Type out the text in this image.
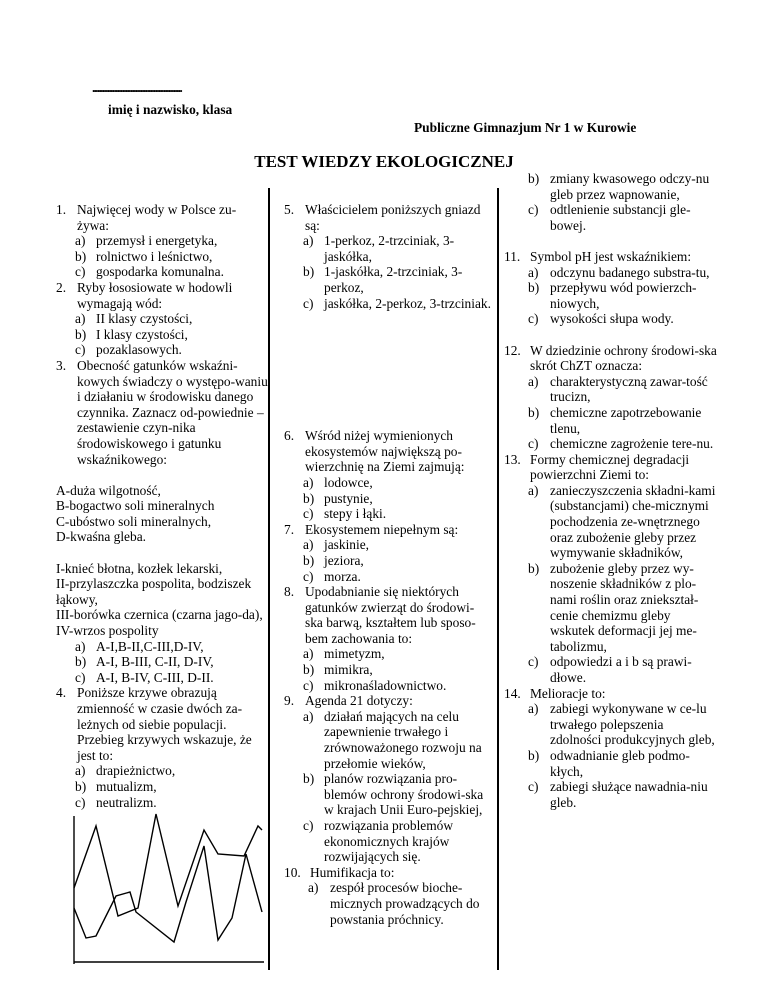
......................................................
imię i nazwisko, klasa
Publiczne Gimnazjum Nr 1 w Kurowie
TEST WIEDZY EKOLOGICZNEJ
1. Najwięcej wody w Polsce zu-żywa:
a) przemysł i energetyka,
b) rolnictwo i leśnictwo,
c) gospodarka komunalna.
2. Ryby łososiowate w hodowli wymagają wód:
a) II klasy czystości,
b) I klasy czystości,
c) pozaklasowych.
3. Obecność gatunków wskaźni-kowych świadczy o występo-waniu i działaniu w środowisku danego czynnika. Zaznacz od-powiednie –zestawienie czyn-nika środowiskowego i gatunku wskaźnikowego:
A-duża wilgotność,
B-bogactwo soli mineralnych
C-ubóstwo soli mineralnych,
D-kwaśna gleba.
I-knieć błotna, kozłek lekarski,
II-przylaszczka pospolita, bodziszek łąkowy,
III-borówka czernica (czarna jago-da),
IV-wrzos pospolity
a) A-I,B-II,C-III,D-IV,
b) A-I, B-III, C-II, D-IV,
c) A-I, B-IV, C-III, D-II.
4. Poniższe krzywe obrazują zmienność w czasie dwóch za-leżnych od siebie populacji. Przebieg krzywych wskazuje, że jest to:
a) drapieżnictwo,
b) mutualizm,
c) neutralizm.
5. Właścicielem poniższych gniazd są:
a) 1-perkoz, 2-trzciniak, 3-jaskółka,
b) 1-jaskółka, 2-trzciniak, 3-perkoz,
c) jaskółka, 2-perkoz, 3-trzciniak.
6. Wśród niżej wymienionych ekosystemów największą po-wierzchnię na Ziemi zajmują:
a) lodowce,
b) pustynie,
c) stepy i łąki.
7. Ekosystemem niepełnym są:
a) jaskinie,
b) jeziora,
c) morza.
8. Upodabnianie się niektórych gatunków zwierząt do środowi-ska barwą, kształtem lub sposo-bem zachowania to:
a) mimetyzm,
b) mimikra,
c) mikronaśladownictwo.
9. Agenda 21 dotyczy:
a) działań mających na celu zapewnienie trwałego i zrównoważonego rozwoju na przełomie wieków,
b) planów rozwiązania pro-blemów ochrony środowi-ska w krajach Unii Euro-pejskiej,
c) rozwiązania problemów ekonomicznych krajów rozwijających się.
10. Humifikacja to:
a) zespół procesów bioche-micznych prowadzących do powstania próchnicy.
b) zmiany kwasowego odczy-nu gleb przez wapnowanie,
c) odtlenienie substancji gle-bowej.
11. Symbol pH jest wskaźnikiem:
a) odczynu badanego substra-tu,
b) przepływu wód powierzch-niowych,
c) wysokości słupa wody.
12. W dziedzinie ochrony środowi-ska skrót ChZT oznacza:
a) charakterystyczną zawar-tość trucizn,
b) chemiczne zapotrzebowanie tlenu,
c) chemiczne zagrożenie tere-nu.
13. Formy chemicznej degradacji powierzchni Ziemi to:
a) zanieczyszczenia składni-kami (substancjami) che-micznymi pochodzenia ze-wnętrznego oraz zubożenie gleby przez wymywanie składników,
b) zubożenie gleby przez wy-noszenie składników z plo-nami roślin oraz zniekształ-cenie chemizmu gleby wskutek deformacji jej me-tabolizmu,
c) odpowiedzi a i b są prawi-dłowe.
14. Melioracje to:
a) zabiegi wykonywane w ce-lu trwałego polepszenia zdolności produkcyjnych gleb,
b) odwadnianie gleb podmo-kłych,
c) zabiegi służące nawadnia-niu gleb.
